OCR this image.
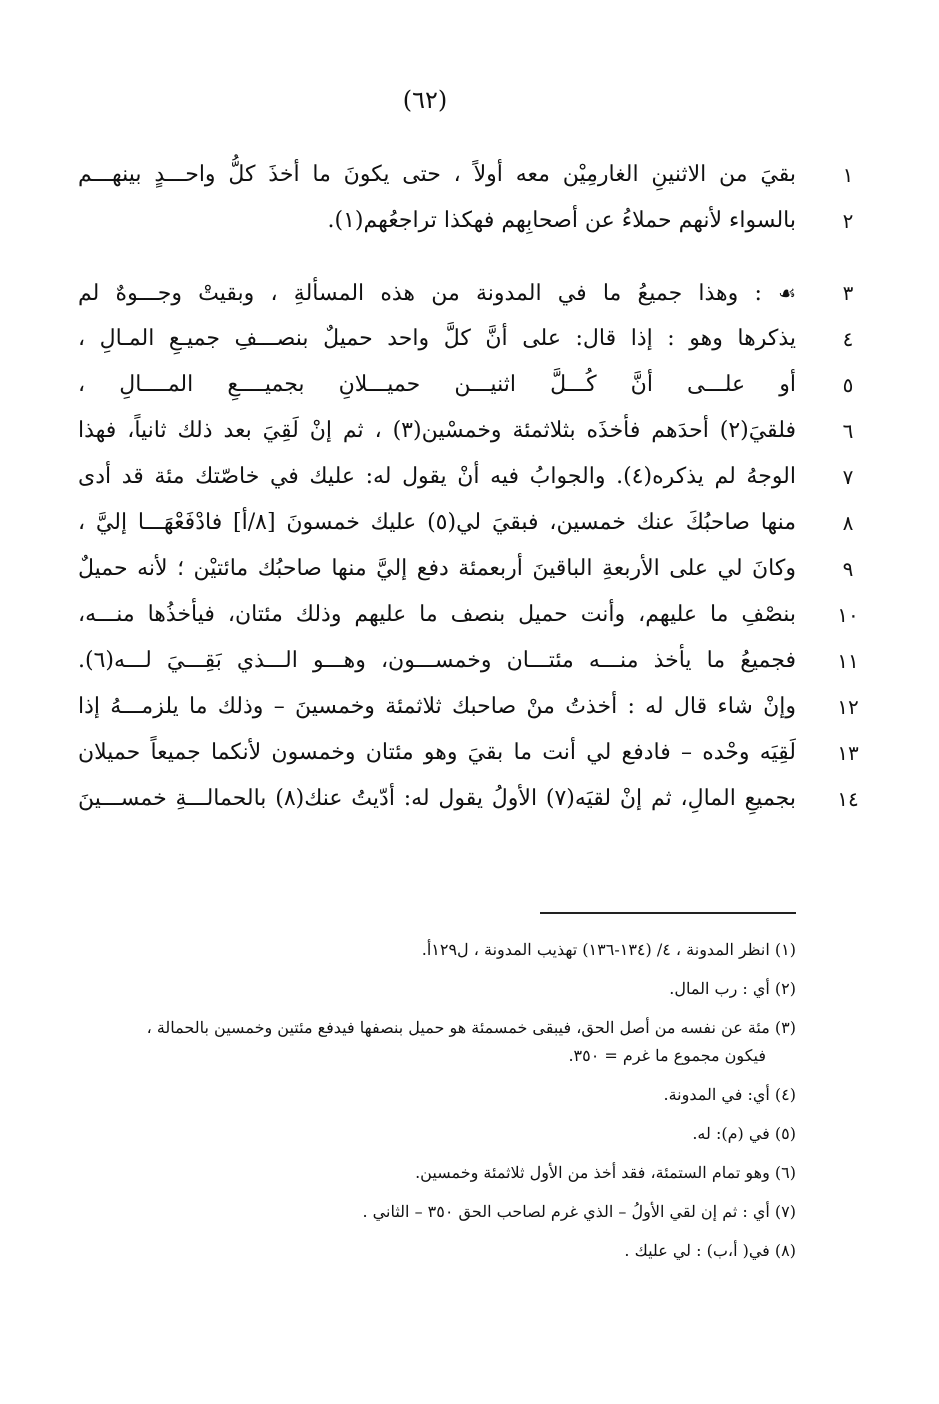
(٦٢)
١
بقيَ من الاثنينِ الغارمِيْن معه أولاً ، حتى يكونَ ما أخذَ كلُّ واحـــدٍ بينهـــم
٢
بالسواء لأنهم حملاءُ عن أصحابِهم فهكذا تراجعُهم(١).
٣
☙ : وهذا جميعُ ما في المدونة من هذه المسألةِ ، وبقيتْ وجـــوهٌ لم
٤
يذكرها وهو : إذا قال: على أنَّ كلَّ واحد حميلٌ بنصـــفِ جميـعِ المـالِ ،
٥
أو علـــى أنَّ كُـــلَّ اثنيـــن حميـــلانِ بجميــــعِ المــــالِ ،
٦
فلقيَ(٢) أحدَهم فأخذَه بثلاثمئة وخمسْين(٣) ، ثم إنْ لَقِيَ بعد ذلك ثانياً، فهذا
٧
الوجهُ لم يذكره(٤). والجوابُ فيه أنْ يقول له: عليك في خاصّتك مئة قد أدى
٨
منها صاحبُكَ عنك خمسين، فبقيَ لي(٥) عليك خمسونَ [٨/أ] فادْفَعْهَـــا إليَّ ،
٩
وكانَ لي على الأربعةِ الباقينَ أربعمئة دفع إليَّ منها صاحبُك مائتيْن ؛ لأنه حميلٌ
١٠
بنصْفِ ما عليهم، وأنت حميل بنصف ما عليهم وذلك مئتان، فيأخذُها منـــه،
١١
فجميعُ ما يأخذ منـــه مئتـــان وخمســـون، وهـــو الـــذي بَقِـــيَ لـــه(٦).
١٢
وإنْ شاء قال له : أخذتُ منْ صاحبك ثلاثمئة وخمسينَ – وذلك ما يلزمـــهُ إذا
١٣
لَقِيَه وحْده – فادفع لي أنت ما بقيَ وهو مئتان وخمسون لأنكما جميعاً حميلان
١٤
بجميعِ المالِ، ثم إنْ لقيَه(٧) الأولُ يقول له: أدّيتُ عنك(٨) بالحمالـــةِ خمســـينَ
(١) انظر المدونة ، ٤/ (١٣٤-١٣٦) تهذيب المدونة ، ل١٢٩أ.
(٢) أي : رب المال.
(٣) مئة عن نفسه من أصل الحق، فيبقى خمسمئة هو حميل بنصفها فيدفع مئتين وخمسين بالحمالة ،
فيكون مجموع ما غرم = ٣٥٠.
(٤) أي: في المدونة.
(٥) في (م): له.
(٦) وهو تمام الستمئة، فقد أخذ من الأول ثلاثمئة وخمسين.
(٧) أي : ثم إن لقي الأولُ – الذي غرم لصاحب الحق ٣٥٠ – الثاني .
(٨) في( أ،ب) : لي عليك .
